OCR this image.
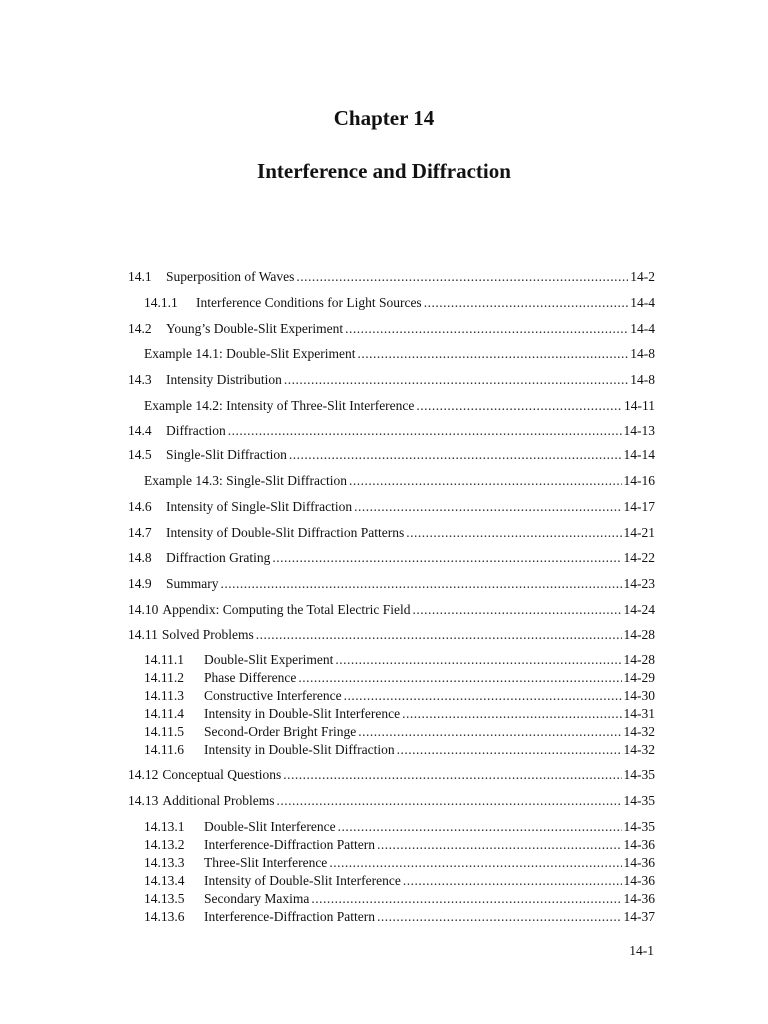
Chapter 14
Interference and Diffraction
14.1	Superposition of Waves .....	14-2
14.1.1	Interference Conditions for Light Sources .....	14-4
14.2	Young’s Double-Slit Experiment .....	14-4
Example 14.1: Double-Slit Experiment .....	14-8
14.3	Intensity Distribution .....	14-8
Example 14.2: Intensity of Three-Slit Interference .....	14-11
14.4	Diffraction .....	14-13
14.5	Single-Slit Diffraction .....	14-14
Example 14.3: Single-Slit Diffraction .....	14-16
14.6	Intensity of Single-Slit Diffraction .....	14-17
14.7	Intensity of Double-Slit Diffraction Patterns .....	14-21
14.8	Diffraction Grating .....	14-22
14.9	Summary .....	14-23
14.10 Appendix: Computing the Total Electric Field .....	14-24
14.11 Solved Problems .....	14-28
14.11.1	Double-Slit Experiment .....	14-28
14.11.2	Phase Difference .....	14-29
14.11.3	Constructive Interference .....	14-30
14.11.4	Intensity in Double-Slit Interference .....	14-31
14.11.5	Second-Order Bright Fringe .....	14-32
14.11.6	Intensity in Double-Slit Diffraction .....	14-32
14.12 Conceptual Questions .....	14-35
14.13 Additional Problems .....	14-35
14.13.1	Double-Slit Interference .....	14-35
14.13.2	Interference-Diffraction Pattern .....	14-36
14.13.3	Three-Slit Interference .....	14-36
14.13.4	Intensity of Double-Slit Interference .....	14-36
14.13.5	Secondary Maxima .....	14-36
14.13.6	Interference-Diffraction Pattern .....	14-37
14-1
